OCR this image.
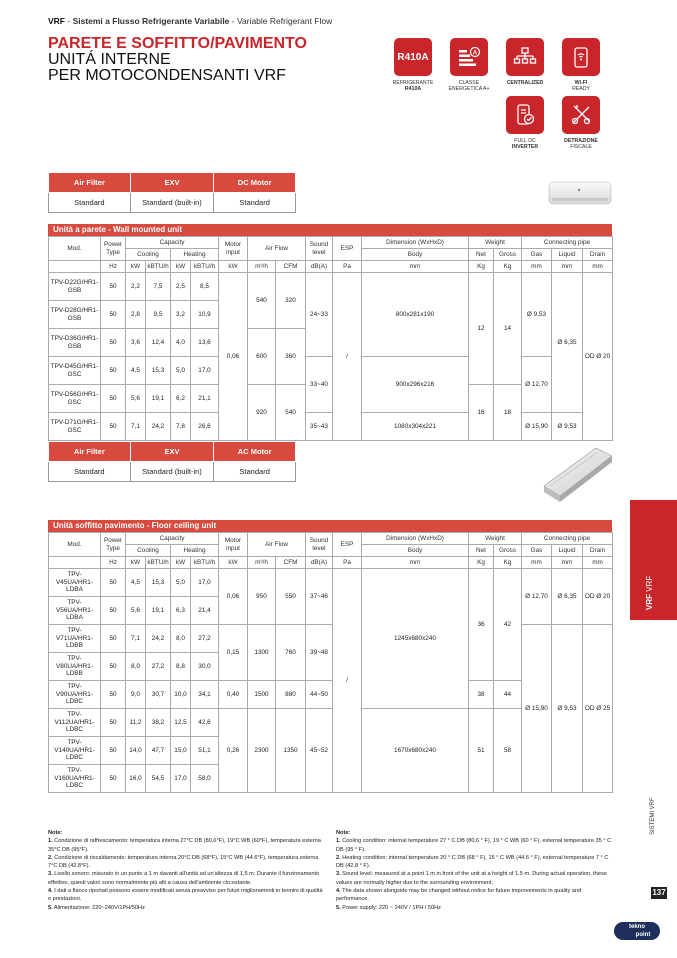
VRF - Sistemi a Flusso Refrigerante Variabile - Variable Refrigerant Flow
PARETE E SOFFITTO/PAVIMENTO
UNITÁ INTERNE
PER MOTOCONDENSANTI VRF
R410A
REFRIGERANTE
R410A
A
CLASSE
ENERGETICA A+
CENTRALIZED	WI-FI
READY
FULL DC
INVERTER
DETRAZIONE
FISCALE
Air Filter	EXV	DC Motor
Standard	Standard (built-in)	Standard
Unità a parete - Wall mounted unit
Mod.	Power Type	Capacity				Motor input	Air Flow		Sound level	ESP	Dimension (WxHxD)	Weight		Connecting pipe		
		Cooling		Heating							Body	Net	Gross	Gas	Liquid	Drain
	Hz	kW	kBTU/h	kW	kBTU/h	kW	m³/h	CFM	dB(A)	Pa	mm	Kg	Kg	mm	mm	mm
TPV-D22G/HR1-GSB	50	2,2	7,5	2,5	8,5	0,06	540	320	24~33	/	800x281x190	12	14	Ø 9,53	Ø 6,35	OD Ø 20
TPV-D28G/HR1-GSB	50	2,8	9,5	3,2	10,9											
TPV-D36G/HR1-GSB	50	3,6	12,4	4,0	13,6		600	360								
TPV-D45G/HR1-GSC	50	4,5	15,3	5,0	17,0				33~40		900x296x216			Ø 12,70		
TPV-D56G/HR1-GSC	50	5,6	19,1	6,2	21,1		920	540				16	18			
TPV-D71G/HR1-GSC	50	7,1	24,2	7,8	26,6				35~43		1080x304x221			Ø 15,90	Ø 9,53	
Air Filter	EXV	AC Motor
Standard	Standard (built-in)	Standard
Unità soffitto pavimento - Floor ceiling unit
Mod.	Power Type	Capacity				Motor input	Air Flow		Sound level	ESP	Dimension (WxHxD)	Weight		Connecting pipe		
		Cooling		Heating							Body	Net	Gross	Gas	Liquid	Drain
	Hz	kW	kBTU/h	kW	kBTU/h	kW	m³/h	CFM	dB(A)	Pa	mm	Kg	Kg	mm	mm	mm
TPV-V45UA/HR1-LDBA	50	4,5	15,3	5,0	17,0	0,06	950	550	37~46	/	1245x680x240	36	42	Ø 12,70	Ø 6,35	OD Ø 20
TPV-V56UA/HR1-LDBA	50	5,6	19,1	6,3	21,4											
TPV-V71UA/HR1-LDBB	50	7,1	24,2	8,0	27,2	0,15	1300	760	39~48					Ø 15,90	Ø 9,53	OD Ø 25
TPV-V80UA/HR1-LDBB	50	8,0	27,2	8,8	30,0											
TPV-V90UA/HR1-LDBC	50	9,0	30,7	10,0	34,1	0,40	1500	880	44~50			38	44			
TPV-V112UA/HR1-LDBC	50	11,2	38,2	12,5	42,6	0,26	2300	1350	45~52		1670x680x240	51	58			
TPV-V140UA/HR1-LDBC	50	14,0	47,7	15,0	51,1											
TPV-V160UA/HR1-LDBC	50	16,0	54,5	17,0	58,0											
VRF VRF
SISTEMI VRF
137
Note:
1. Condizione di raffrescamento: temperatura interna 27°C DB (80.6°F), 19°C WB (60°F), temperatura esterna 35°C DB (95°F).
2. Condizione di riscaldamento: temperatura interna 20°C DB (68°F), 15°C WB (44.6°F), temperatura esterna 7°C DB (42.8°F).
3. Livello sonoro: misurato in un punto a 1 m davanti all'unità ad un'altezza di 1,5 m. Durante il funzionamento effettivo, questi valori sono normalmente più alti a causa dell'ambiente circostante.
4. I dati a fianco riportati possono essere modificati senza preavviso per futuri miglioramenti in termini di qualità e prestazioni.
5. Alimentazione: 220~240V/1PH/50Hz
Note:
1. Cooling condition: internal temperature 27 ° C DB (80.6 ° F), 19 ° C WB (60 ° F), external temperature 35 ° C DB (95 ° F).
2. Heating condition: internal temperature 20 ° C DB (68 ° F), 15 ° C WB (44.6 ° F), external temperature 7 ° C DB (42.8 ° F).
3. Sound level: measured at a point 1 m in front of the unit at a height of 1.5 m. During actual operation, these values are normally higher due to the surrounding environment.
4. The data shown alongside may be changed without notice for future improvements in quality and performance.
5. Power supply: 220 ~ 240V / 1PH / 50Hz
tekno
point
